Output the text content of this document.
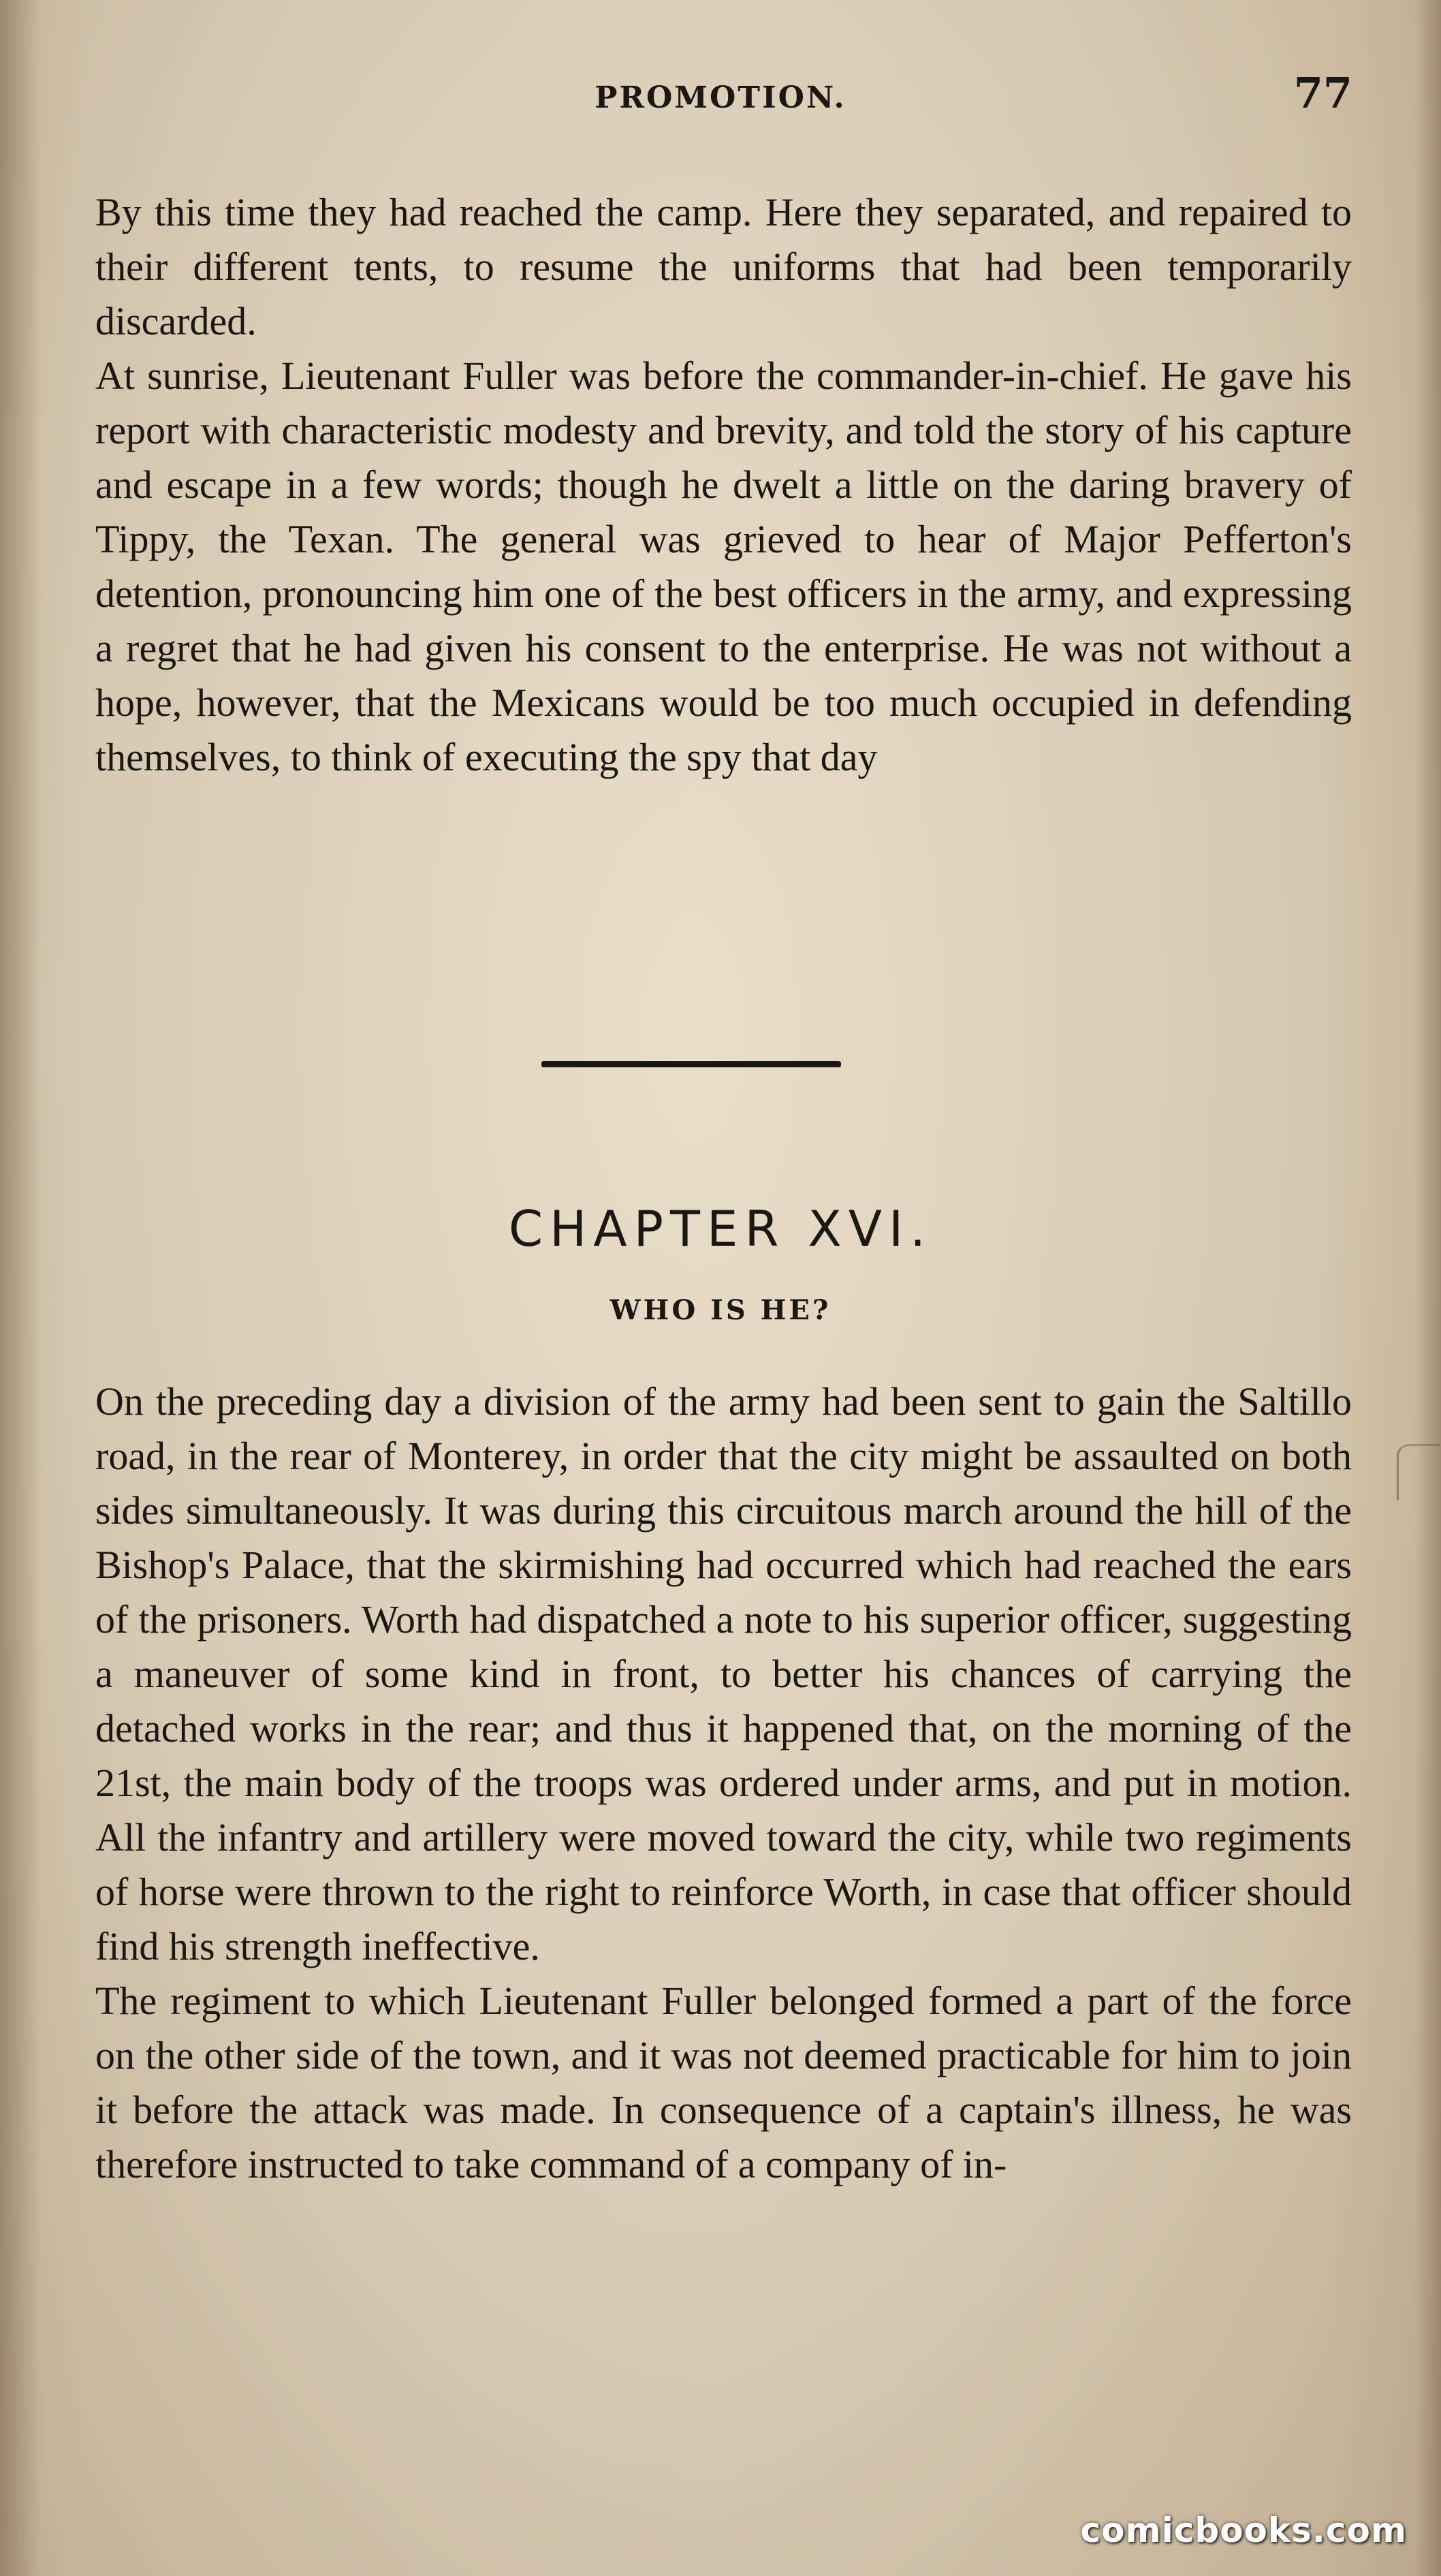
PROMOTION.	77

By this time they had reached the camp. Here they separated, and repaired to their different tents, to resume the uniforms that had been temporarily discarded.

At sunrise, Lieutenant Fuller was before the commander-in-chief. He gave his report with characteristic modesty and brevity, and told the story of his capture and escape in a few words; though he dwelt a little on the daring bravery of Tippy, the Texan. The general was grieved to hear of Major Pefferton's detention, pronouncing him one of the best officers in the army, and expressing a regret that he had given his consent to the enterprise. He was not without a hope, however, that the Mexicans would be too much occupied in defending themselves, to think of executing the spy that day

CHAPTER XVI.
WHO IS HE?

On the preceding day a division of the army had been sent to gain the Saltillo road, in the rear of Monterey, in order that the city might be assaulted on both sides simultaneously. It was during this circuitous march around the hill of the Bishop's Palace, that the skirmishing had occurred which had reached the ears of the prisoners. Worth had dispatched a note to his superior officer, suggesting a maneuver of some kind in front, to better his chances of carrying the detached works in the rear; and thus it happened that, on the morning of the 21st, the main body of the troops was ordered under arms, and put in motion. All the infantry and artillery were moved toward the city, while two regiments of horse were thrown to the right to reinforce Worth, in case that officer should find his strength ineffective.

The regiment to which Lieutenant Fuller belonged formed a part of the force on the other side of the town, and it was not deemed practicable for him to join it before the attack was made. In consequence of a captain's illness, he was therefore instructed to take command of a company of in-

comicbooks.com
